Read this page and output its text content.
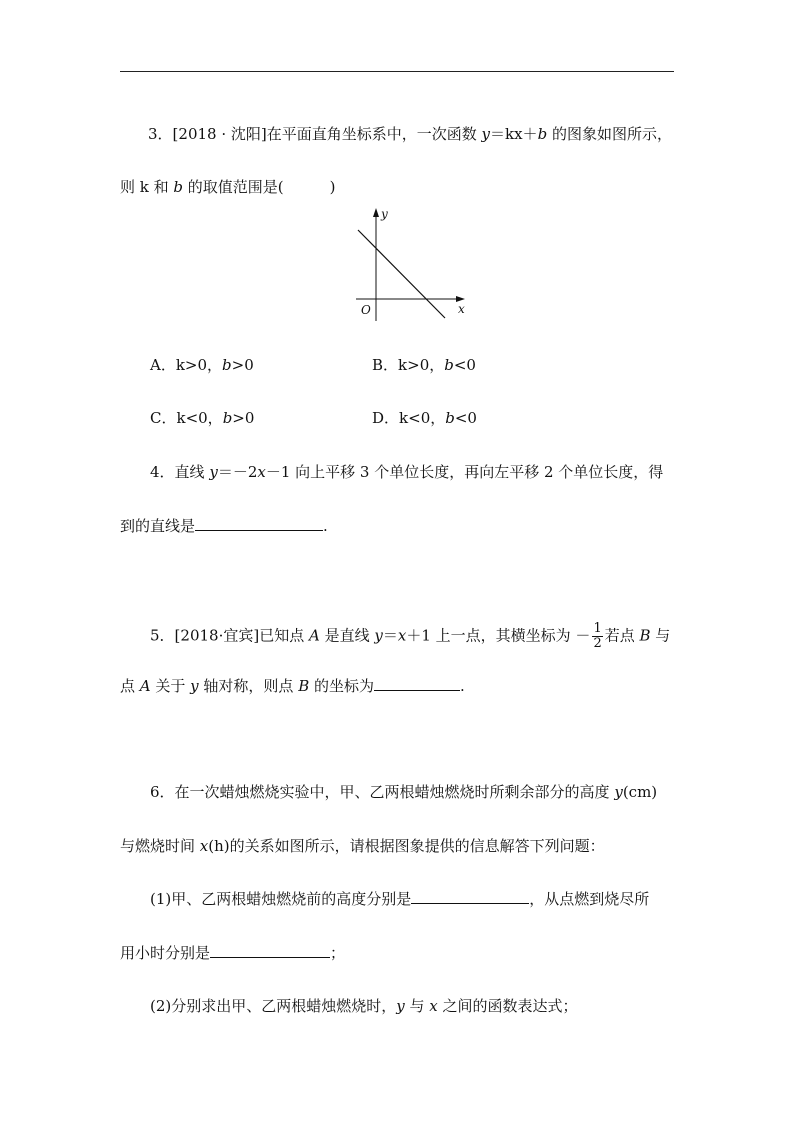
3．[2018 · 沈阳]在平面直角坐标系中，一次函数 y＝kx＋b 的图象如图所示，
则 k 和 b 的取值范围是(	)
y
x
O
A．k>0，b>0	B．k>0，b<0
C．k<0，b>0	D．k<0，b<0
4．直线 y＝－2x－1 向上平移 3 个单位长度，再向左平移 2 个单位长度，得
到的直线是	.
5．[2018·宜宾]已知点 A 是直线 y＝x＋1 上一点，其横坐标为 － $\frac{1}{2}$ 若点 B 与
点 A 关于 y 轴对称，则点 B 的坐标为	.
6．在一次蜡烛燃烧实验中，甲、乙两根蜡烛燃烧时所剩余部分的高度 y(cm)
与燃烧时间 x(h)的关系如图所示，请根据图象提供的信息解答下列问题：
(1)甲、乙两根蜡烛燃烧前的高度分别是	，从点燃到烧尽所
用小时分别是	；
(2)分别求出甲、乙两根蜡烛燃烧时，y 与 x 之间的函数表达式；
